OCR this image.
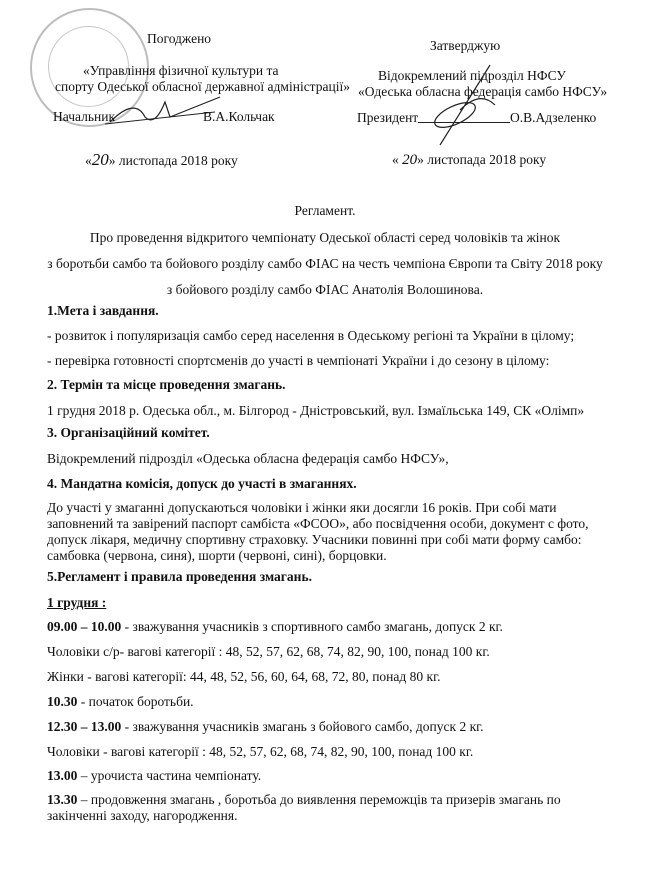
Погоджено
«Управління фізичної культури та
спорту Одеської обласної державної адміністрації»
Начальник	В.А.Кольчак
«20» листопада 2018 року
Затверджую
Відокремлений підрозділ НФСУ
«Одеська обласна федерація самбо НФСУ»
Президент	О.В.Адзеленко
« 20» листопада 2018 року
Регламент.
Про проведення відкритого чемпіонату Одеської області серед чоловіків та жінок
з боротьби самбо та бойового розділу самбо ФІАС на честь чемпіона Європи та Світу 2018 року
з бойового розділу самбо ФІАС Анатолія Волошинова.
1.Мета і завдання.
- розвиток і популяризація самбо серед населення в Одеському регіоні та України в цілому;
- перевірка готовності спортсменів до участі в чемпіонаті України і до сезону в цілому:
2. Термін та місце проведення змагань.
1 грудня 2018 р. Одеська обл., м. Білгород - Дністровський, вул. Ізмаїльська 149, СК «Олімп»
3. Організаційний комітет.
Відокремлений підрозділ «Одеська обласна федерація самбо НФСУ»,
4. Мандатна комісія, допуск до участі в змаганнях.
До участі у змаганні допускаються чоловіки і жінки яки досягли 16 років. При собі мати заповнений та завірений паспорт самбіста «ФСОО», або посвідчення особи, документ с фото, допуск лікаря, медичну спортивну страховку. Учасники повинні при собі мати форму самбо: самбовка (червона, синя), шорти (червоні, сині), борцовки.
5.Регламент і правила проведення змагань.
1 грудня :
09.00 – 10.00 - зважування учасників з спортивного самбо змагань, допуск 2 кг.
Чоловіки с/р- вагові категорії : 48, 52, 57, 62, 68, 74, 82, 90, 100, понад 100 кг.
Жінки - вагові категорії: 44, 48, 52, 56, 60, 64, 68, 72, 80, понад 80 кг.
10.30 - початок боротьби.
12.30 – 13.00 - зважування учасників змагань з бойового самбо, допуск 2 кг.
Чоловіки - вагові категорії : 48, 52, 57, 62, 68, 74, 82, 90, 100, понад 100 кг.
13.00 – урочиста частина чемпіонату.
13.30 – продовження змагань , боротьба до виявлення переможців та призерів змагань по закінченні заходу, нагородження.
